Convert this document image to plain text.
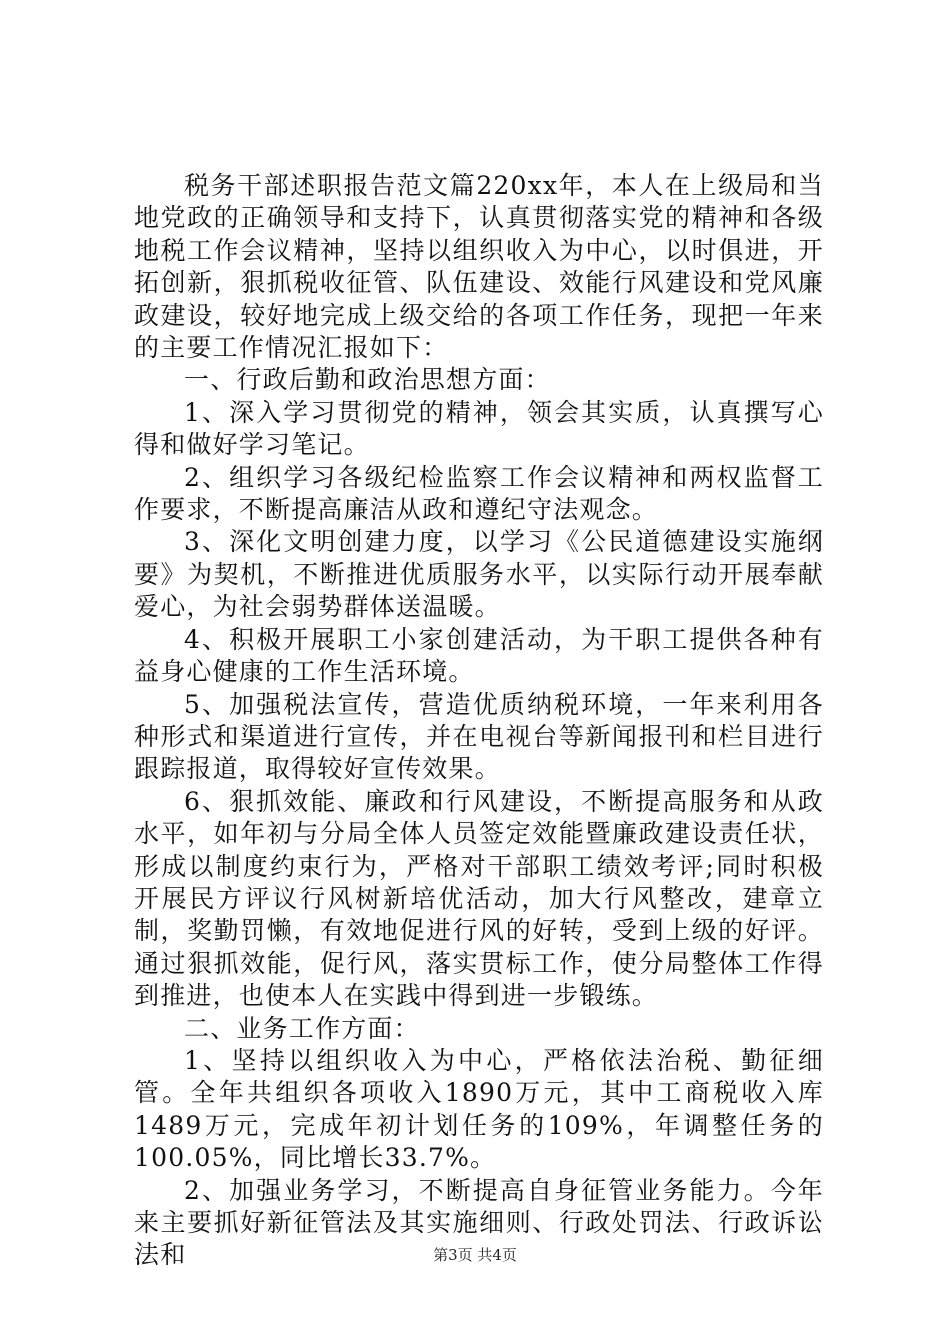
税务干部述职报告范文篇220xx年，本人在上级局和当地党政的正确领导和支持下，认真贯彻落实党的精神和各级地税工作会议精神，坚持以组织收入为中心，以时俱进，开拓创新，狠抓税收征管、队伍建设、效能行风建设和党风廉政建设，较好地完成上级交给的各项工作任务，现把一年来的主要工作情况汇报如下：

一、行政后勤和政治思想方面：

1、深入学习贯彻党的精神，领会其实质，认真撰写心得和做好学习笔记。

2、组织学习各级纪检监察工作会议精神和两权监督工作要求，不断提高廉洁从政和遵纪守法观念。

3、深化文明创建力度，以学习《公民道德建设实施纲要》为契机，不断推进优质服务水平，以实际行动开展奉献爱心，为社会弱势群体送温暖。

4、积极开展职工小家创建活动，为干职工提供各种有益身心健康的工作生活环境。

5、加强税法宣传，营造优质纳税环境，一年来利用各种形式和渠道进行宣传，并在电视台等新闻报刊和栏目进行跟踪报道，取得较好宣传效果。

6、狠抓效能、廉政和行风建设，不断提高服务和从政水平，如年初与分局全体人员签定效能暨廉政建设责任状，形成以制度约束行为，严格对干部职工绩效考评;同时积极开展民方评议行风树新培优活动，加大行风整改，建章立制，奖勤罚懒，有效地促进行风的好转，受到上级的好评。通过狠抓效能，促行风，落实贯标工作，使分局整体工作得到推进，也使本人在实践中得到进一步锻练。

二、业务工作方面：

1、坚持以组织收入为中心，严格依法治税、勤征细管。全年共组织各项收入1890万元，其中工商税收入库1489万元，完成年初计划任务的109%，年调整任务的100.05%，同比增长33.7%。

2、加强业务学习，不断提高自身征管业务能力。今年来主要抓好新征管法及其实施细则、行政处罚法、行政诉讼法和	第3页 共4页
